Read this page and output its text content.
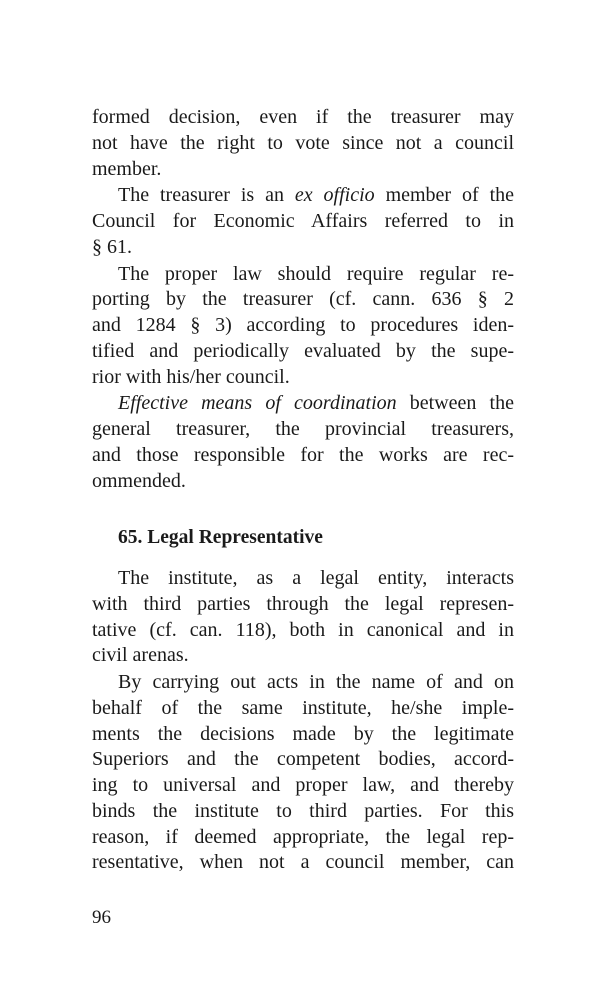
65. Legal Representative
96
formed decision, even if the treasurer may
not have the right to vote since not a council
member.
The treasurer is an ex officio member of the
Council for Economic Affairs referred to in
§ 61.
The proper law should require regular re-
porting by the treasurer (cf. cann. 636 § 2
and 1284 § 3) according to procedures iden-
tified and periodically evaluated by the supe-
rior with his/her council.
Effective means of coordination between the
general treasurer, the provincial treasurers,
and those responsible for the works are rec-
ommended.
The institute, as a legal entity, interacts
with third parties through the legal represen-
tative (cf. can. 118), both in canonical and in
civil arenas.
By carrying out acts in the name of and on
behalf of the same institute, he/she imple-
ments the decisions made by the legitimate
Superiors and the competent bodies, accord-
ing to universal and proper law, and thereby
binds the institute to third parties. For this
reason, if deemed appropriate, the legal rep-
resentative, when not a council member, can
